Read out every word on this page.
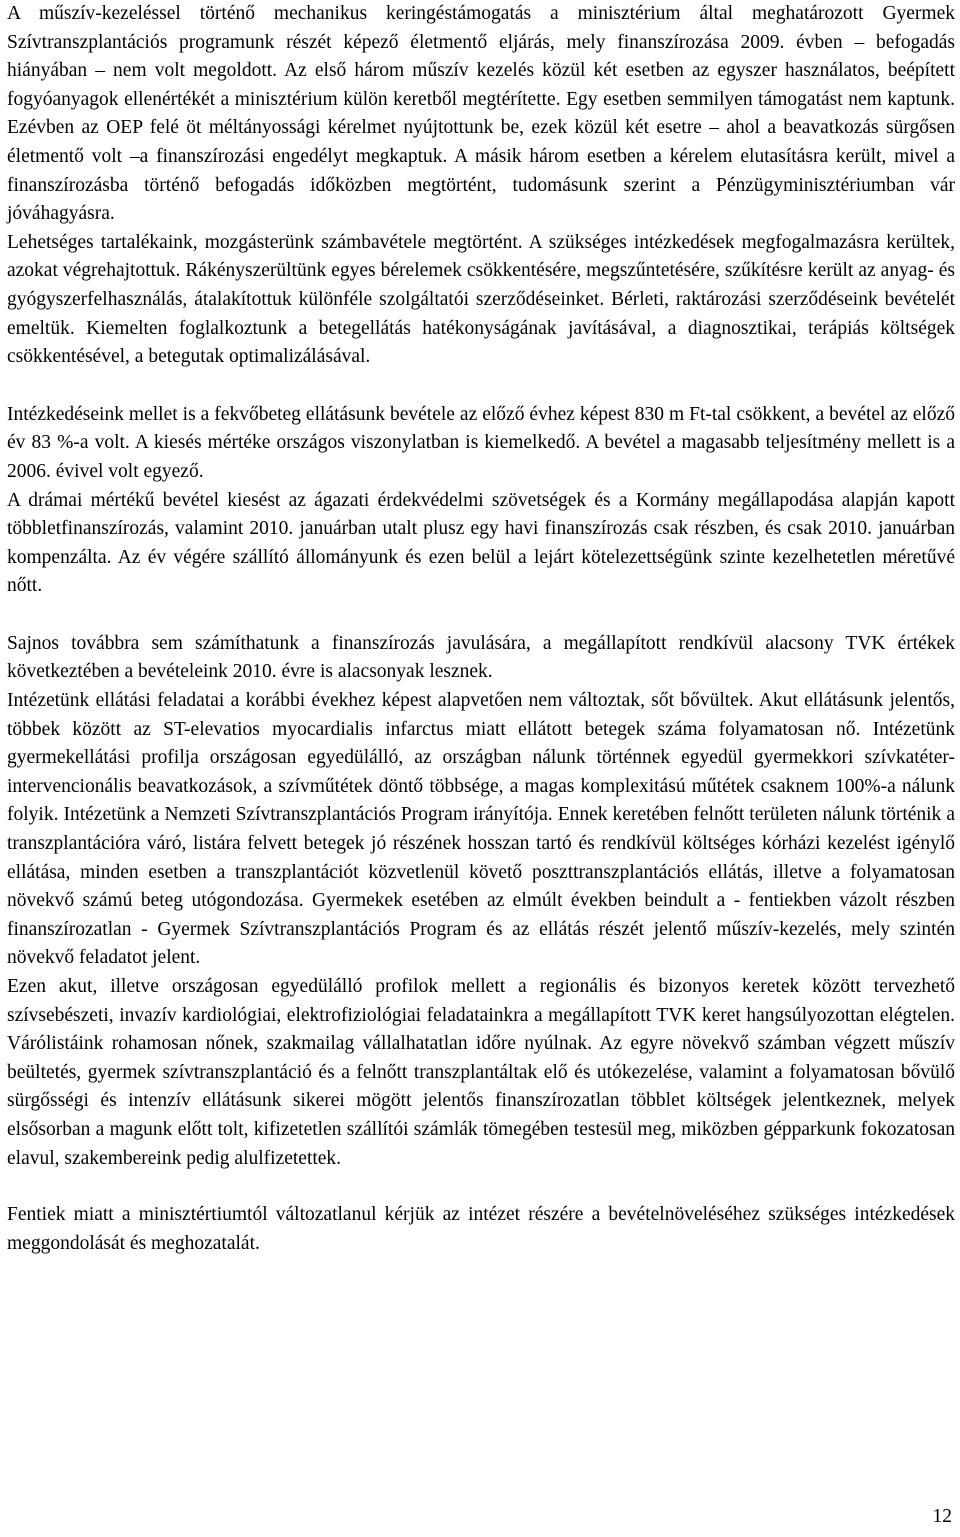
A műszív-kezeléssel történő mechanikus keringéstámogatás a minisztérium által meghatározott Gyermek Szívtranszplantációs programunk részét képező életmentő eljárás, mely finanszírozása 2009. évben – befogadás hiányában – nem volt megoldott. Az első három műszív kezelés közül két esetben az egyszer használatos, beépített fogyóanyagok ellenértékét a minisztérium külön keretből megtérítette. Egy esetben semmilyen támogatást nem kaptunk. Ezévben az OEP felé öt méltányossági kérelmet nyújtottunk be, ezek közül két esetre – ahol a beavatkozás sürgősen életmentő volt –a finanszírozási engedélyt megkaptuk. A másik három esetben a kérelem elutasításra került, mivel a finanszírozásba történő befogadás időközben megtörtént, tudomásunk szerint a Pénzügyminisztériumban vár jóváhagyásra.

Lehetséges tartalékaink, mozgásterünk számbavétele megtörtént. A szükséges intézkedések megfogalmazásra kerültek, azokat végrehajtottuk. Rákényszerültünk egyes bérelemek csökkentésére, megszűntetésére, szűkítésre került az anyag- és gyógyszerfelhasználás, átalakítottuk különféle szolgáltatói szerződéseinket. Bérleti, raktározási szerződéseink bevételét emeltük. Kiemelten foglalkoztunk a betegellátás hatékonyságának javításával, a diagnosztikai, terápiás költségek csökkentésével, a betegutak optimalizálásával.

Intézkedéseink mellet is a fekvőbeteg ellátásunk bevétele az előző évhez képest 830 m Ft-tal csökkent, a bevétel az előző év 83 %-a volt. A kiesés mértéke országos viszonylatban is kiemelkedő. A bevétel a magasabb teljesítmény mellett is a 2006. évivel volt egyező.

A drámai mértékű bevétel kiesést az ágazati érdekvédelmi szövetségek és a Kormány megállapodása alapján kapott többletfinanszírozás, valamint 2010. januárban utalt plusz egy havi finanszírozás csak részben, és csak 2010. januárban kompenzálta. Az év végére szállító állományunk és ezen belül a lejárt kötelezettségünk szinte kezelhetetlen méretűvé nőtt.

Sajnos továbbra sem számíthatunk a finanszírozás javulására, a megállapított rendkívül alacsony TVK értékek következtében a bevételeink 2010. évre is alacsonyak lesznek.

Intézetünk ellátási feladatai a korábbi évekhez képest alapvetően nem változtak, sőt bővültek. Akut ellátásunk jelentős, többek között az ST-elevatios myocardialis infarctus miatt ellátott betegek száma folyamatosan nő. Intézetünk gyermekellátási profilja országosan egyedülálló, az országban nálunk történnek egyedül gyermekkori szívkatéter-intervencionális beavatkozások, a szívműtétek döntő többsége, a magas komplexitású műtétek csaknem 100%-a nálunk folyik. Intézetünk a Nemzeti Szívtranszplantációs Program irányítója. Ennek keretében felnőtt területen nálunk történik a transzplantációra váró, listára felvett betegek jó részének hosszan tartó és rendkívül költséges kórházi kezelést igénylő ellátása, minden esetben a transzplantációt közvetlenül követő poszttranszplantációs ellátás, illetve a folyamatosan növekvő számú beteg utógondozása. Gyermekek esetében az elmúlt években beindult a - fentiekben vázolt részben finanszírozatlan - Gyermek Szívtranszplantációs Program és az ellátás részét jelentő műszív-kezelés, mely szintén növekvő feladatot jelent.

Ezen akut, illetve országosan egyedülálló profilok mellett a regionális és bizonyos keretek között tervezhető szívsebészeti, invazív kardiológiai, elektrofiziológiai feladatainkra a megállapított TVK keret hangsúlyozottan elégtelen. Várólistáink rohamosan nőnek, szakmailag vállalhatatlan időre nyúlnak. Az egyre növekvő számban végzett műszív beültetés, gyermek szívtranszplantáció és a felnőtt transzplantáltak elő és utókezelése, valamint a folyamatosan bővülő sürgősségi és intenzív ellátásunk sikerei mögött jelentős finanszírozatlan többlet költségek jelentkeznek, melyek elsősorban a magunk előtt tolt, kifizetetlen szállítói számlák tömegében testesül meg, miközben gépparkunk fokozatosan elavul, szakembereink pedig alulfizetettek.

Fentiek miatt a minisztértiumtól változatlanul kérjük az intézet részére a bevételnöveléséhez szükséges intézkedések meggondolását és meghozatalát.

12
